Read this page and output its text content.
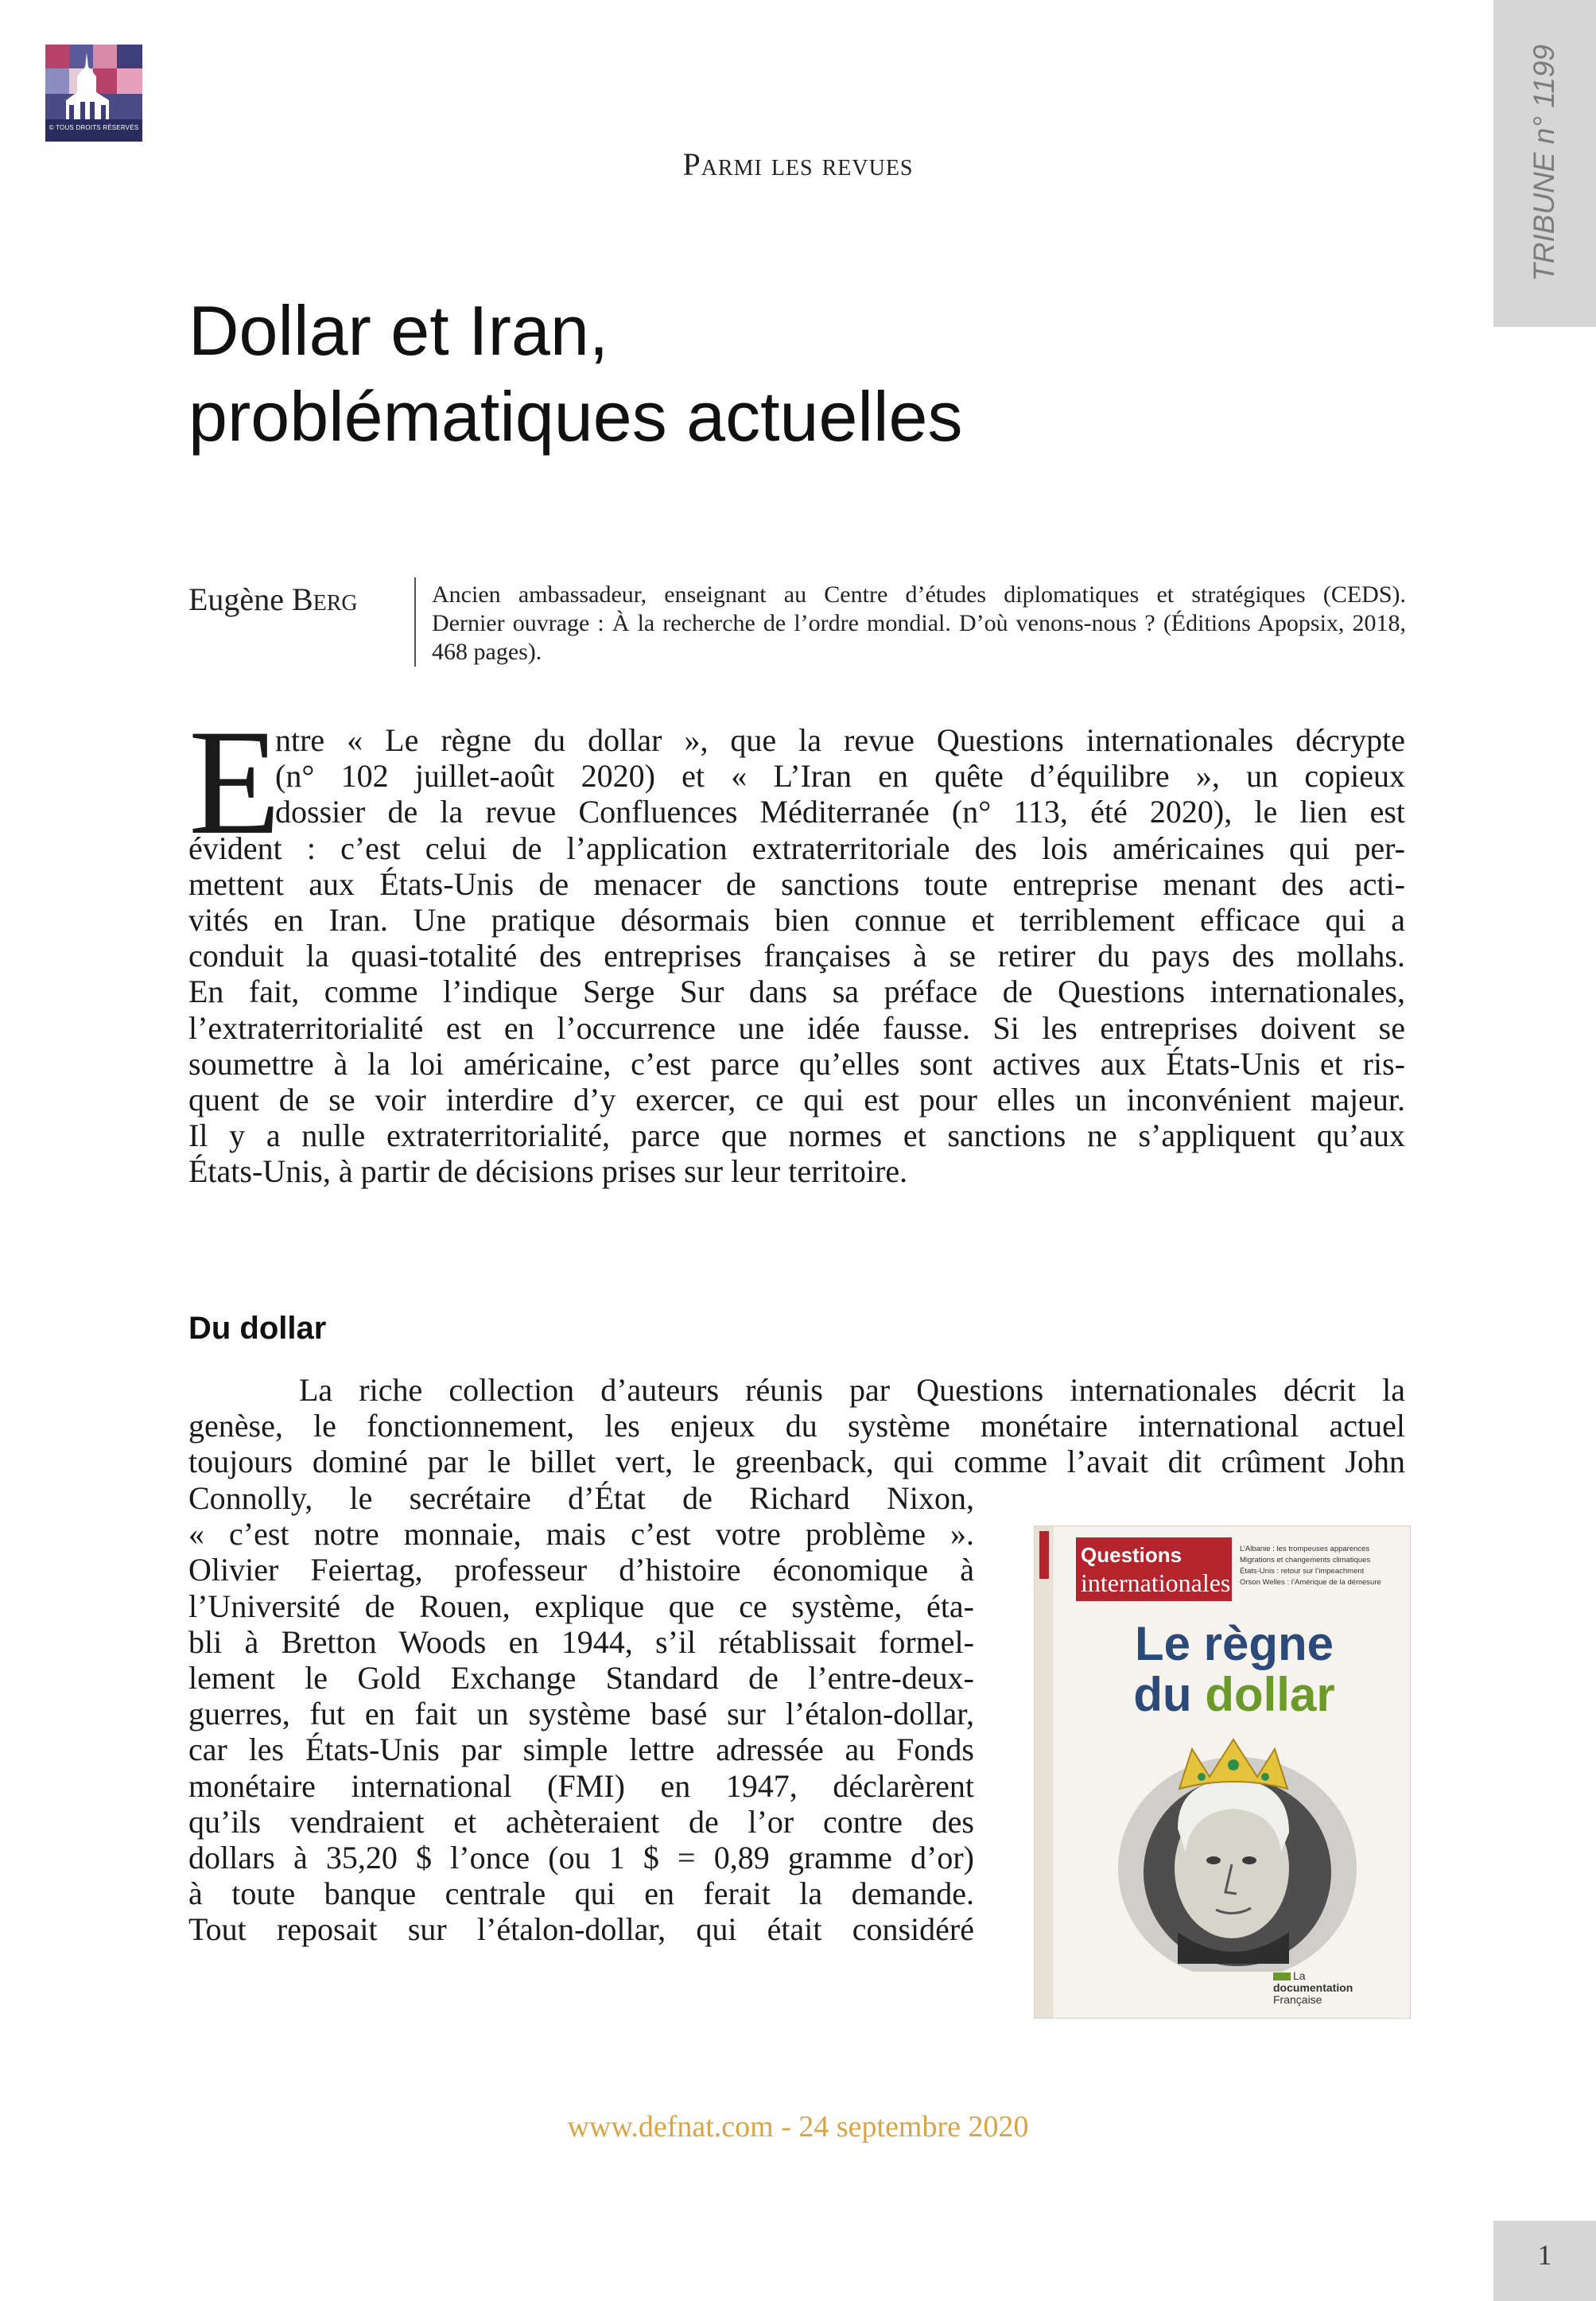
© TOUS DROITS RÉSERVÉS	TRIBUNE n° 1199
Parmi les revues
Dollar et Iran,
problématiques actuelles
Eugène Berg	Ancien ambassadeur, enseignant au Centre d’études diplomatiques et stratégiques (CEDS).
Dernier ouvrage : À la recherche de l’ordre mondial. D’où venons-nous ? (Éditions Apopsix, 2018,
468 pages).
E
ntre « Le règne du dollar », que la revue Questions internationales décrypte
(n° 102 juillet-août 2020) et « L’Iran en quête d’équilibre », un copieux
dossier de la revue Confluences Méditerranée (n° 113, été 2020), le lien est
évident : c’est celui de l’application extraterritoriale des lois américaines qui per-
mettent aux États-Unis de menacer de sanctions toute entreprise menant des acti-
vités en Iran. Une pratique désormais bien connue et terriblement efficace qui a
conduit la quasi-totalité des entreprises françaises à se retirer du pays des mollahs.
En fait, comme l’indique Serge Sur dans sa préface de Questions internationales,
l’extraterritorialité est en l’occurrence une idée fausse. Si les entreprises doivent se
soumettre à la loi américaine, c’est parce qu’elles sont actives aux États-Unis et ris-
quent de se voir interdire d’y exercer, ce qui est pour elles un inconvénient majeur.
Il y a nulle extraterritorialité, parce que normes et sanctions ne s’appliquent qu’aux
États-Unis, à partir de décisions prises sur leur territoire.
Du dollar
La riche collection d’auteurs réunis par Questions internationales décrit la
genèse, le fonctionnement, les enjeux du système monétaire international actuel
toujours dominé par le billet vert, le greenback, qui comme l’avait dit crûment John
Connolly, le secrétaire d’État de Richard Nixon,
« c’est notre monnaie, mais c’est votre problème ».
Olivier Feiertag, professeur d’histoire économique à
l’Université de Rouen, explique que ce système, éta-
bli à Bretton Woods en 1944, s’il rétablissait formel-
lement le Gold Exchange Standard de l’entre-deux-
guerres, fut en fait un système basé sur l’étalon-dollar,
car les États-Unis par simple lettre adressée au Fonds
monétaire international (FMI) en 1947, déclarèrent
qu’ils vendraient et achèteraient de l’or contre des
dollars à 35,20 $ l’once (ou 1 $ = 0,89 gramme d’or)
à toute banque centrale qui en ferait la demande.
Tout reposait sur l’étalon-dollar, qui était considéré
Questions
internationales
L’Albanie : les trompeuses apparences
Migrations et changements climatiques
États-Unis : retour sur l’impeachment
Orson Welles : l’Amérique de la démesure
Le règne
du dollar
La
documentation
Française
www.defnat.com - 24 septembre 2020
1
